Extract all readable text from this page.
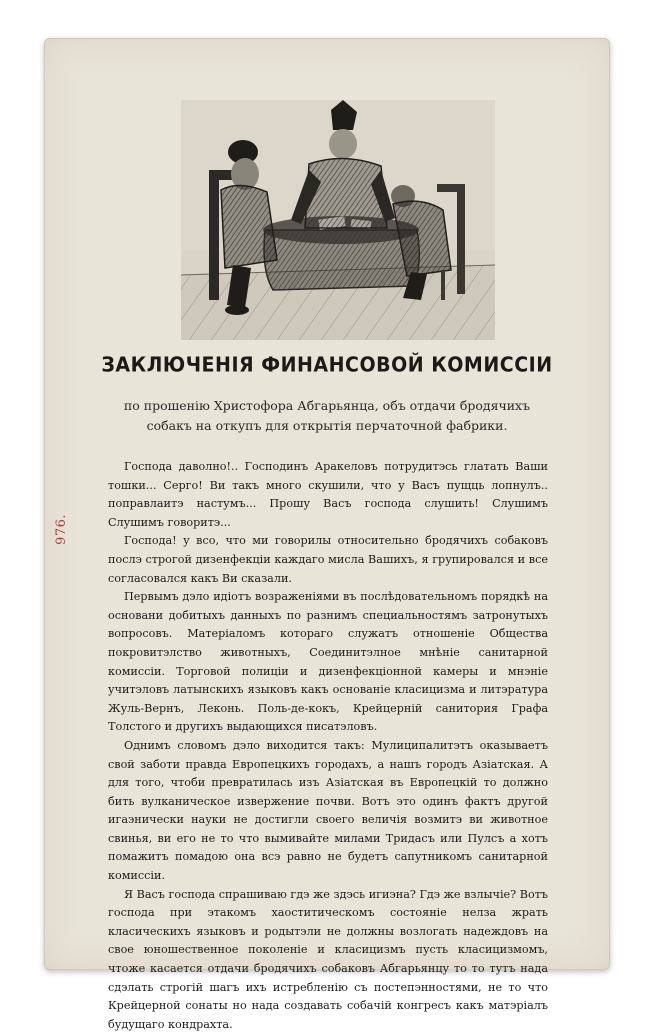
ЗАКЛЮЧЕНІЯ ФИНАНСОВОЙ КОМИССІИ
по прошенію Христофора Абгарьянца, объ отдачи бродячихъ
собакъ на откупъ для открытія перчаточной фабрики.
976.

Господа даволно!.. Господинъ Аракеловъ потрудитэсь глатать Ваши тошки... Серго! Ви такъ много скушили, что у Васъ пущць лопнулъ.. поправлаитэ настумъ... Прошу Васъ господа слушить! Слушимъ Слушимъ говоритэ...

Господа! у вcо, что ми говорилы относительно бродячихъ собаковъ послэ строгой дизенфекціи каждаго мисла Вашихъ, я групировался и все согласовался какъ Ви сказали.

Первымъ дэло идіотъ возраженіями въ послѣдовательномъ порядкѣ на основани добитыхъ данныхъ по разнимъ специальностямъ затронутыхъ вопросовъ. Матеріаломъ котораго служатъ отношеніе Общества покровитэлство животныхъ, Соединитэлное мнѣніе санитарной комиссіи. Торговой полиціи и дизенфекціонной камеры и мнэніе учитэловъ латынскихъ языковъ какъ основаніе класицизма и литэратура Жуль-Вернъ, Леконь. Поль-де-кокъ, Крейцерній санитория Графа Толстого и другихъ выдающихся писатэловъ.

Однимъ словомъ дэло виходится такъ: Мулиципалитэтъ оказываетъ свой заботи правда Европецкихъ городахъ, а нашъ городъ Азіатская. А для того, чтоби превратилась изъ Азіатская въ Европецкій то должно бить вулканическое извержение почви. Вотъ это одинъ фактъ другой игаэнически науки не достигли своего величія возмитэ ви животное свинья, ви его не то что вымивайте милами Тридасъ или Пулсъ а хотъ помажитъ помадою она всэ равно не будетъ сапутникомъ санитарной комиссіи.

Я Васъ господа спрашиваю гдэ же здэсь игиэна? Гдэ же взлычіе? Вотъ господа при этакомъ хаоститическомъ состояніе нелза жрать класическихъ языковъ и родытэли не должны возлогать надеждовъ на свое юношественное поколеніе и класицизмъ пусть класицизмомъ, чтоже касается отдачи бродячихъ собаковъ Абгарьянцу то то тутъ нада сдэлать строгій шагъ ихъ истребленію съ постепэнностями, не то что Крейцерной сонаты но нада создавать собачій конгресъ какъ матэріалъ будущаго кондрахта.
